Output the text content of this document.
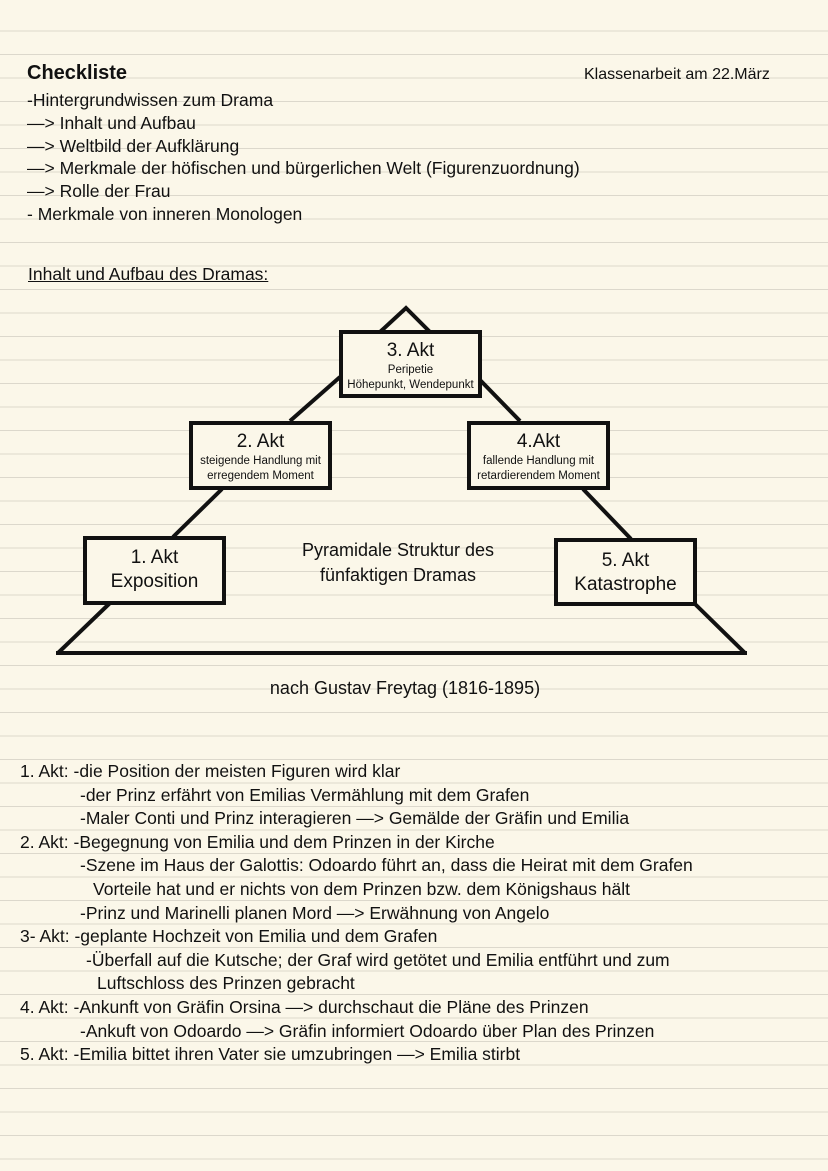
Checkliste	Klassenarbeit am 22.März
-Hintergrundwissen zum Drama
—> Inhalt und Aufbau
—> Weltbild der Aufklärung
—> Merkmale der höfischen und bürgerlichen Welt (Figurenzuordnung)
—> Rolle der Frau
- Merkmale von inneren Monologen
Inhalt und Aufbau des Dramas:
3. Akt
Peripetie
Höhepunkt, Wendepunkt
2. Akt
steigende Handlung mit
erregendem Moment
4.Akt
fallende Handlung mit
retardierendem Moment
1. Akt
Exposition
5. Akt
Katastrophe
Pyramidale Struktur des
fünfaktigen Dramas
nach Gustav Freytag (1816-1895)
1. Akt: -die Position der meisten Figuren wird klar
-der Prinz erfährt von Emilias Vermählung mit dem Grafen
-Maler Conti und Prinz interagieren —> Gemälde der Gräfin und Emilia
2. Akt: -Begegnung von Emilia und dem Prinzen in der Kirche
-Szene im Haus der Galottis: Odoardo führt an, dass die Heirat mit dem Grafen
Vorteile hat und er nichts von dem Prinzen bzw. dem Königshaus hält
-Prinz und Marinelli planen Mord —> Erwähnung von Angelo
3- Akt: -geplante Hochzeit von Emilia und dem Grafen
-Überfall auf die Kutsche; der Graf wird getötet und Emilia entführt und zum
Luftschloss des Prinzen gebracht
4. Akt: -Ankunft von Gräfin Orsina —> durchschaut die Pläne des Prinzen
-Ankuft von Odoardo —> Gräfin informiert Odoardo über Plan des Prinzen
5. Akt: -Emilia bittet ihren Vater sie umzubringen —> Emilia stirbt
